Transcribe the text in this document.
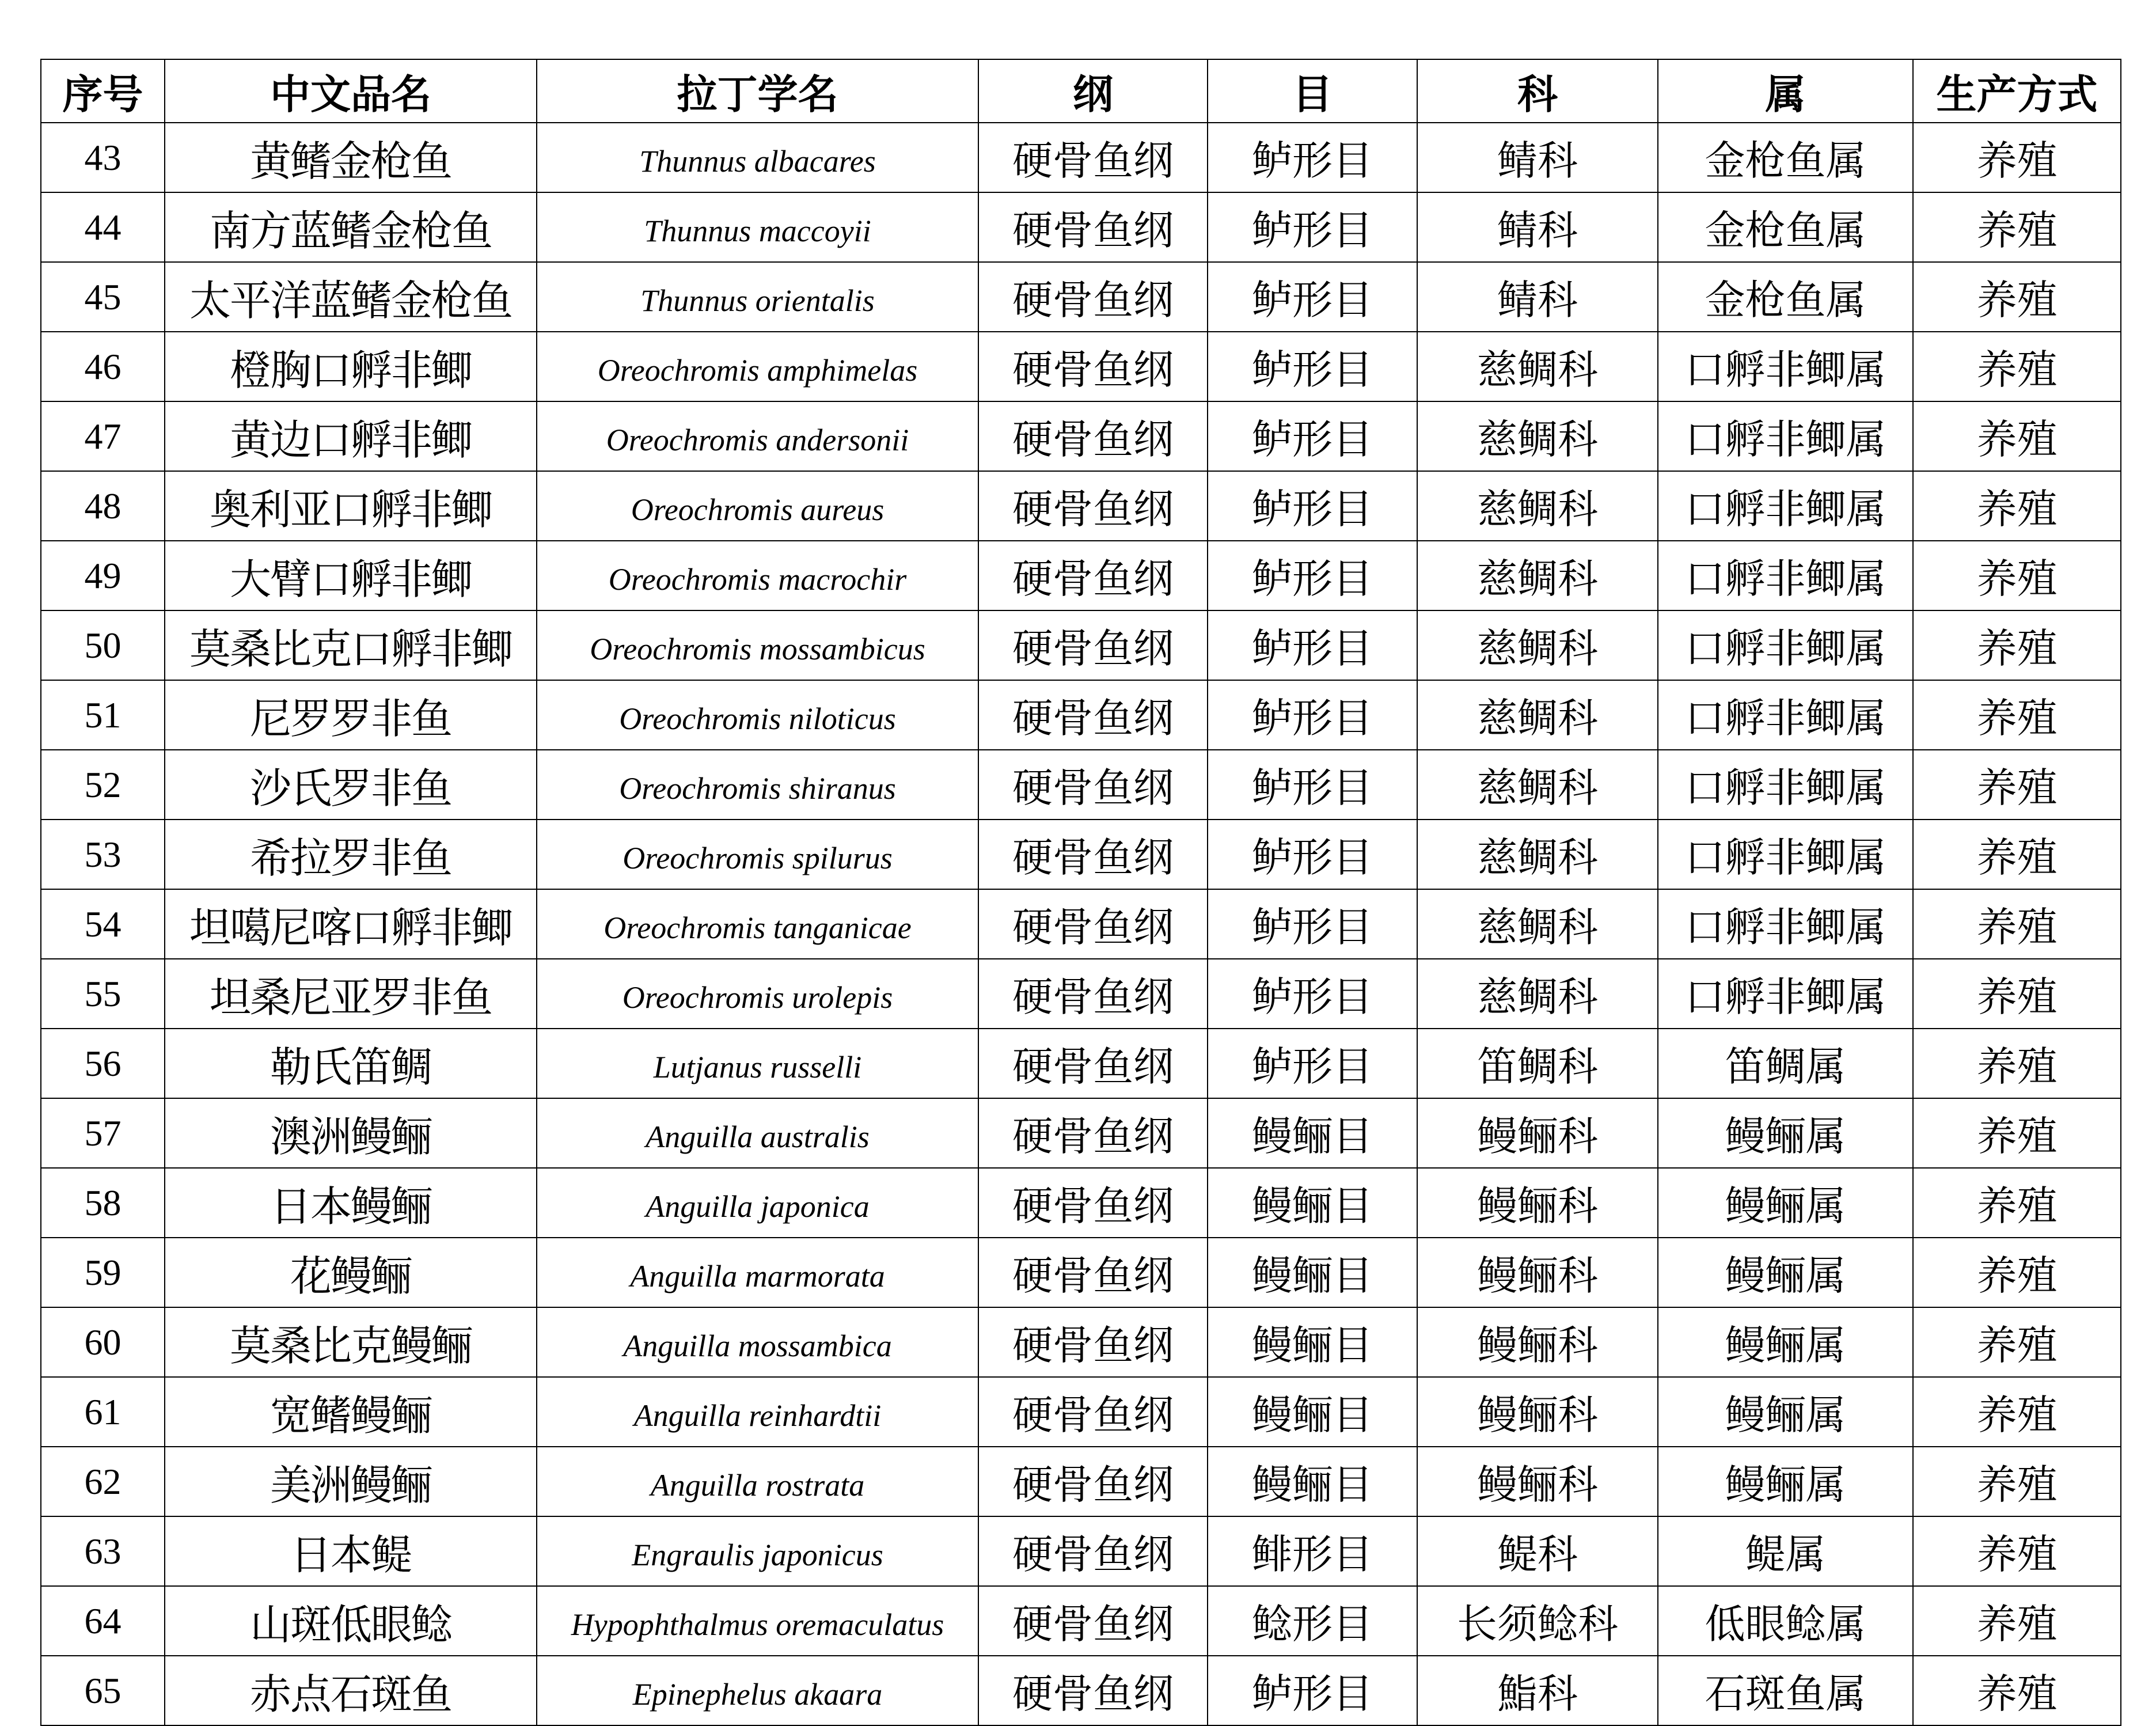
序号	中文品名	拉丁学名	纲	目	科	属	生产方式
43	黄鳍金枪鱼	Thunnus albacares	硬骨鱼纲	鲈形目	鲭科	金枪鱼属	养殖
44	南方蓝鳍金枪鱼	Thunnus maccoyii	硬骨鱼纲	鲈形目	鲭科	金枪鱼属	养殖
45	太平洋蓝鳍金枪鱼	Thunnus orientalis	硬骨鱼纲	鲈形目	鲭科	金枪鱼属	养殖
46	橙胸口孵非鲫	Oreochromis amphimelas	硬骨鱼纲	鲈形目	慈鲷科	口孵非鲫属	养殖
47	黄边口孵非鲫	Oreochromis andersonii	硬骨鱼纲	鲈形目	慈鲷科	口孵非鲫属	养殖
48	奥利亚口孵非鲫	Oreochromis aureus	硬骨鱼纲	鲈形目	慈鲷科	口孵非鲫属	养殖
49	大臂口孵非鲫	Oreochromis macrochir	硬骨鱼纲	鲈形目	慈鲷科	口孵非鲫属	养殖
50	莫桑比克口孵非鲫	Oreochromis mossambicus	硬骨鱼纲	鲈形目	慈鲷科	口孵非鲫属	养殖
51	尼罗罗非鱼	Oreochromis niloticus	硬骨鱼纲	鲈形目	慈鲷科	口孵非鲫属	养殖
52	沙氏罗非鱼	Oreochromis shiranus	硬骨鱼纲	鲈形目	慈鲷科	口孵非鲫属	养殖
53	希拉罗非鱼	Oreochromis spilurus	硬骨鱼纲	鲈形目	慈鲷科	口孵非鲫属	养殖
54	坦噶尼喀口孵非鲫	Oreochromis tanganicae	硬骨鱼纲	鲈形目	慈鲷科	口孵非鲫属	养殖
55	坦桑尼亚罗非鱼	Oreochromis urolepis	硬骨鱼纲	鲈形目	慈鲷科	口孵非鲫属	养殖
56	勒氏笛鲷	Lutjanus russelli	硬骨鱼纲	鲈形目	笛鲷科	笛鲷属	养殖
57	澳洲鳗鲡	Anguilla australis	硬骨鱼纲	鳗鲡目	鳗鲡科	鳗鲡属	养殖
58	日本鳗鲡	Anguilla japonica	硬骨鱼纲	鳗鲡目	鳗鲡科	鳗鲡属	养殖
59	花鳗鲡	Anguilla marmorata	硬骨鱼纲	鳗鲡目	鳗鲡科	鳗鲡属	养殖
60	莫桑比克鳗鲡	Anguilla mossambica	硬骨鱼纲	鳗鲡目	鳗鲡科	鳗鲡属	养殖
61	宽鳍鳗鲡	Anguilla reinhardtii	硬骨鱼纲	鳗鲡目	鳗鲡科	鳗鲡属	养殖
62	美洲鳗鲡	Anguilla rostrata	硬骨鱼纲	鳗鲡目	鳗鲡科	鳗鲡属	养殖
63	日本鳀	Engraulis japonicus	硬骨鱼纲	鲱形目	鳀科	鳀属	养殖
64	山斑低眼鲶	Hypophthalmus oremaculatus	硬骨鱼纲	鲶形目	长须鲶科	低眼鲶属	养殖
65	赤点石斑鱼	Epinephelus akaara	硬骨鱼纲	鲈形目	鮨科	石斑鱼属	养殖
